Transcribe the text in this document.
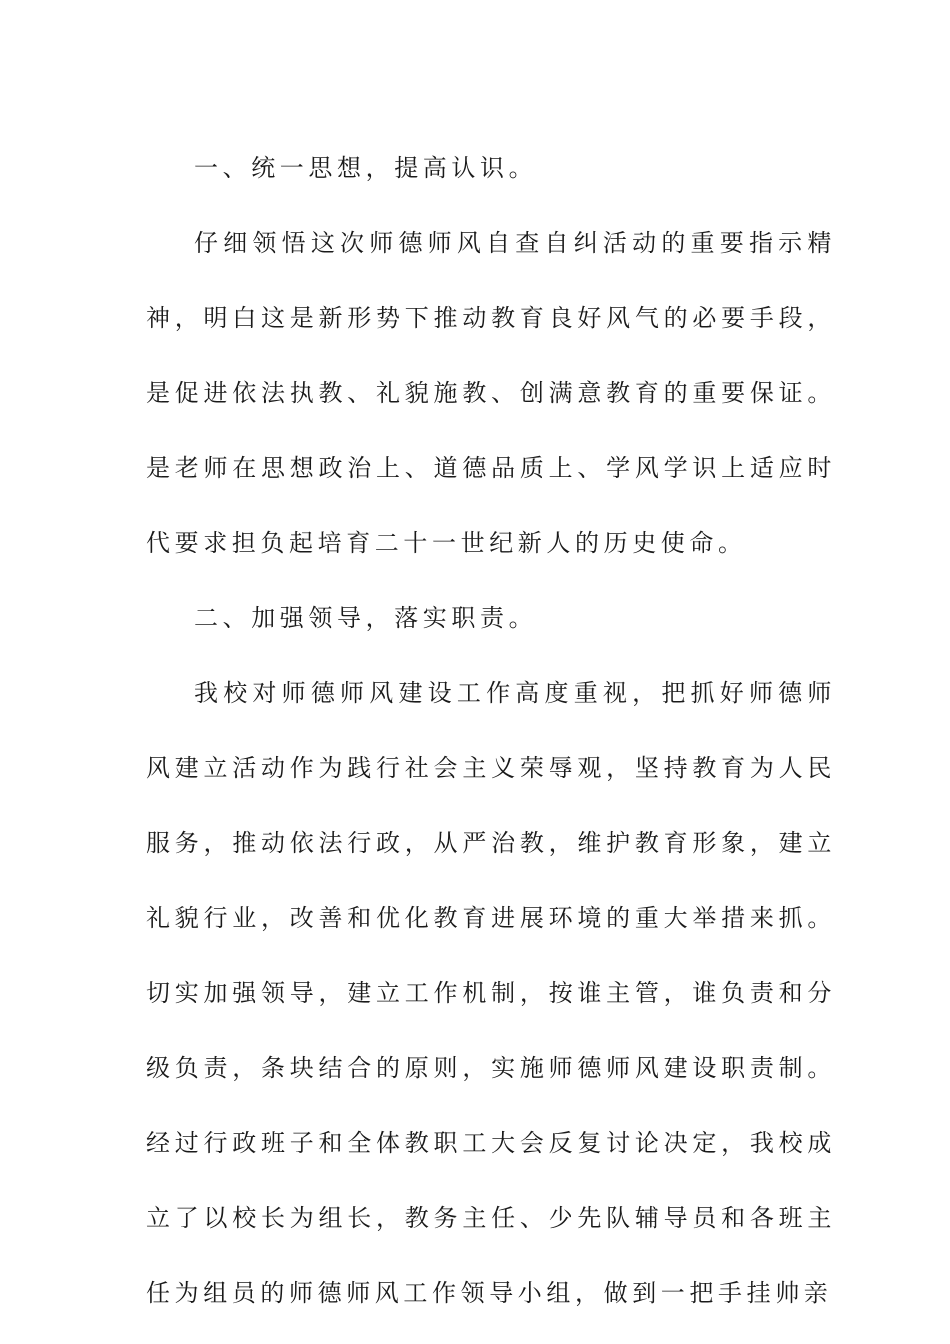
一、统一思想，提高认识。

仔细领悟这次师德师风自查自纠活动的重要指示精神，明白这是新形势下推动教育良好风气的必要手段，是促进依法执教、礼貌施教、创满意教育的重要保证。是老师在思想政治上、道德品质上、学风学识上适应时代要求担负起培育二十一世纪新人的历史使命。

二、加强领导，落实职责。

我校对师德师风建设工作高度重视，把抓好师德师风建立活动作为践行社会主义荣辱观，坚持教育为人民服务，推动依法行政，从严治教，维护教育形象，建立礼貌行业，改善和优化教育进展环境的重大举措来抓。切实加强领导，建立工作机制，按谁主管，谁负责和分级负责，条块结合的原则，实施师德师风建设职责制。经过行政班子和全体教职工大会反复讨论决定，我校成立了以校长为组长，教务主任、少先队辅导员和各班主任为组员的师德师风工作领导小组，做到一把手挂帅亲
